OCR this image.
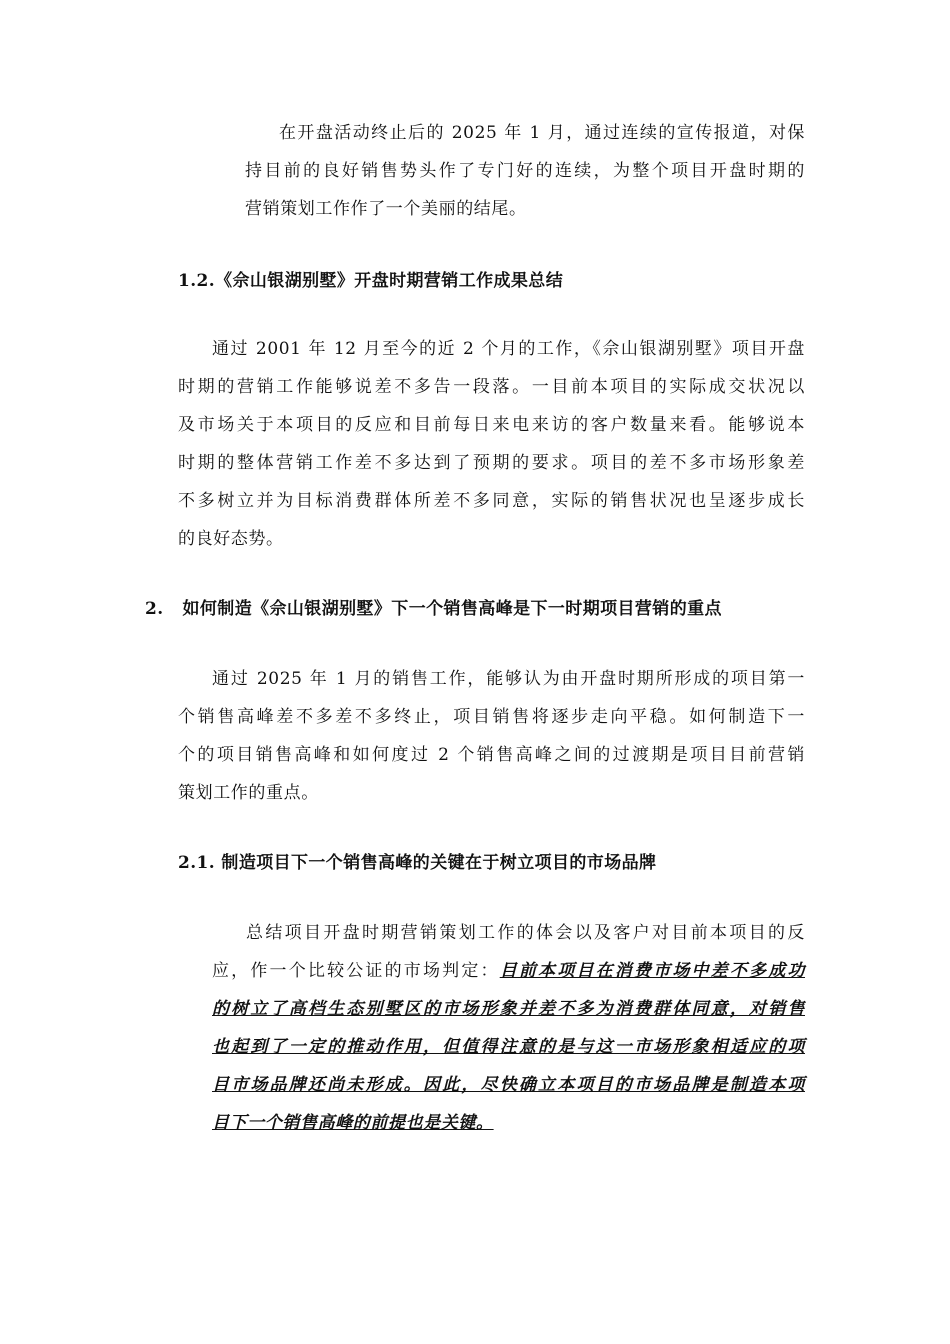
在开盘活动终止后的 2025 年 1 月，通过连续的宣传报道，对保
持目前的良好销售势头作了专门好的连续，为整个项目开盘时期的
营销策划工作作了一个美丽的结尾。
1.2.《佘山银湖别墅》开盘时期营销工作成果总结
通过 2001 年 12 月至今的近 2 个月的工作，《佘山银湖别墅》项目开盘
时期的营销工作能够说差不多告一段落。一目前本项目的实际成交状况以
及市场关于本项目的反应和目前每日来电来访的客户数量来看。能够说本
时期的整体营销工作差不多达到了预期的要求。项目的差不多市场形象差
不多树立并为目标消费群体所差不多同意，实际的销售状况也呈逐步成长
的良好态势。
2.   如何制造《佘山银湖别墅》下一个销售高峰是下一时期项目营销的重点
通过 2025 年 1 月的销售工作，能够认为由开盘时期所形成的项目第一
个销售高峰差不多差不多终止，项目销售将逐步走向平稳。如何制造下一
个的项目销售高峰和如何度过 2 个销售高峰之间的过渡期是项目目前营销
策划工作的重点。
2.1. 制造项目下一个销售高峰的关键在于树立项目的市场品牌
总结项目开盘时期营销策划工作的体会以及客户对目前本项目的反
应，作一个比较公证的市场判定：目前本项目在消费市场中差不多成功
的树立了高档生态别墅区的市场形象并差不多为消费群体同意，对销售
也起到了一定的推动作用，但值得注意的是与这一市场形象相适应的项
目市场品牌还尚未形成。因此，尽快确立本项目的市场品牌是制造本项
目下一个销售高峰的前提也是关键。
